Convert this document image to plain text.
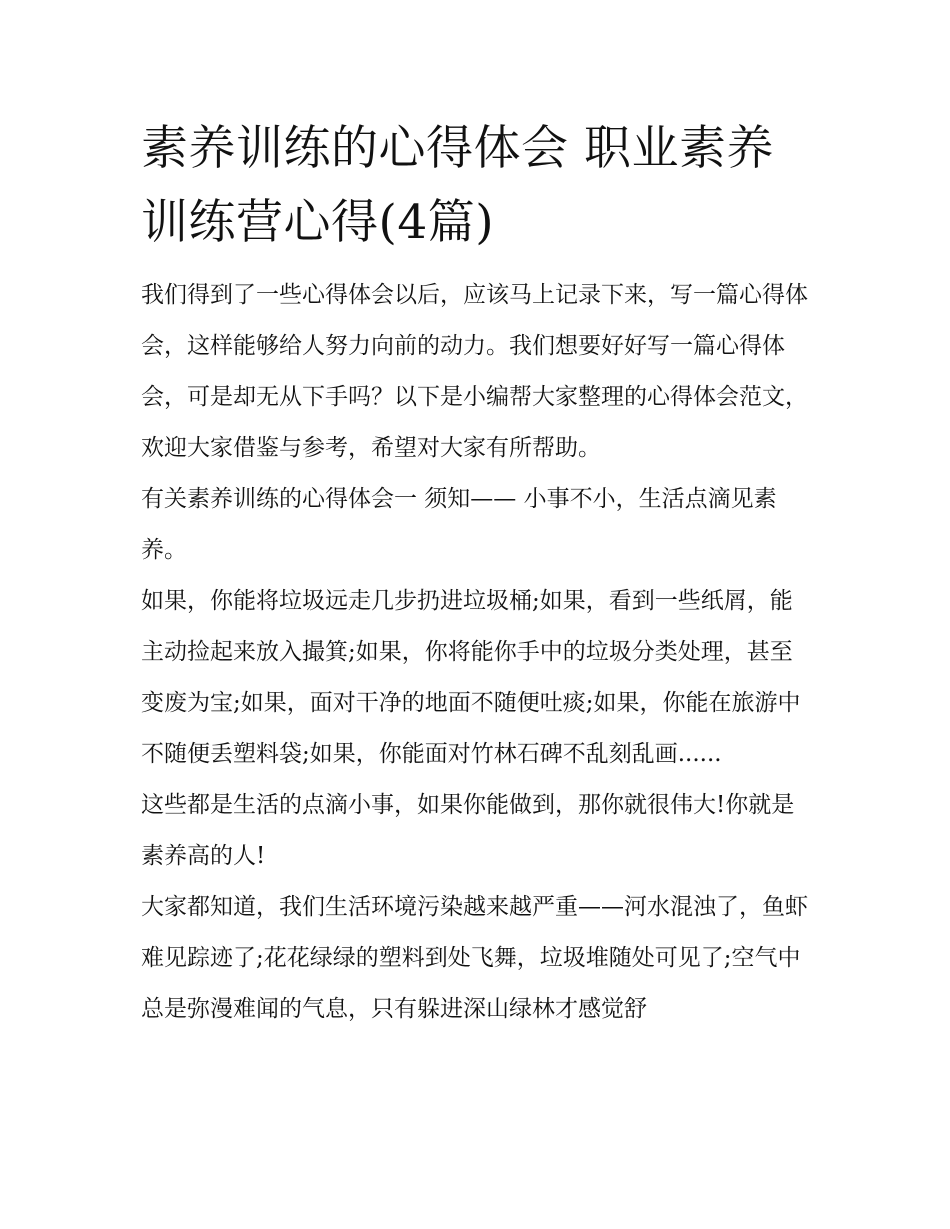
素养训练的心得体会 职业素养训练营心得(4篇)

我们得到了一些心得体会以后，应该马上记录下来，写一篇心得体会，这样能够给人努力向前的动力。我们想要好好写一篇心得体会，可是却无从下手吗？以下是小编帮大家整理的心得体会范文，欢迎大家借鉴与参考，希望对大家有所帮助。

有关素养训练的心得体会一 须知—— 小事不小，生活点滴见素养。

如果，你能将垃圾远走几步扔进垃圾桶;如果，看到一些纸屑，能主动捡起来放入撮箕;如果，你将能你手中的垃圾分类处理，甚至变废为宝;如果，面对干净的地面不随便吐痰;如果，你能在旅游中不随便丢塑料袋;如果，你能面对竹林石碑不乱刻乱画......

这些都是生活的点滴小事，如果你能做到，那你就很伟大!你就是素养高的人!

大家都知道，我们生活环境污染越来越严重——河水混浊了，鱼虾难见踪迹了;花花绿绿的塑料到处飞舞，垃圾堆随处可见了;空气中总是弥漫难闻的气息，只有躲进深山绿林才感觉舒
